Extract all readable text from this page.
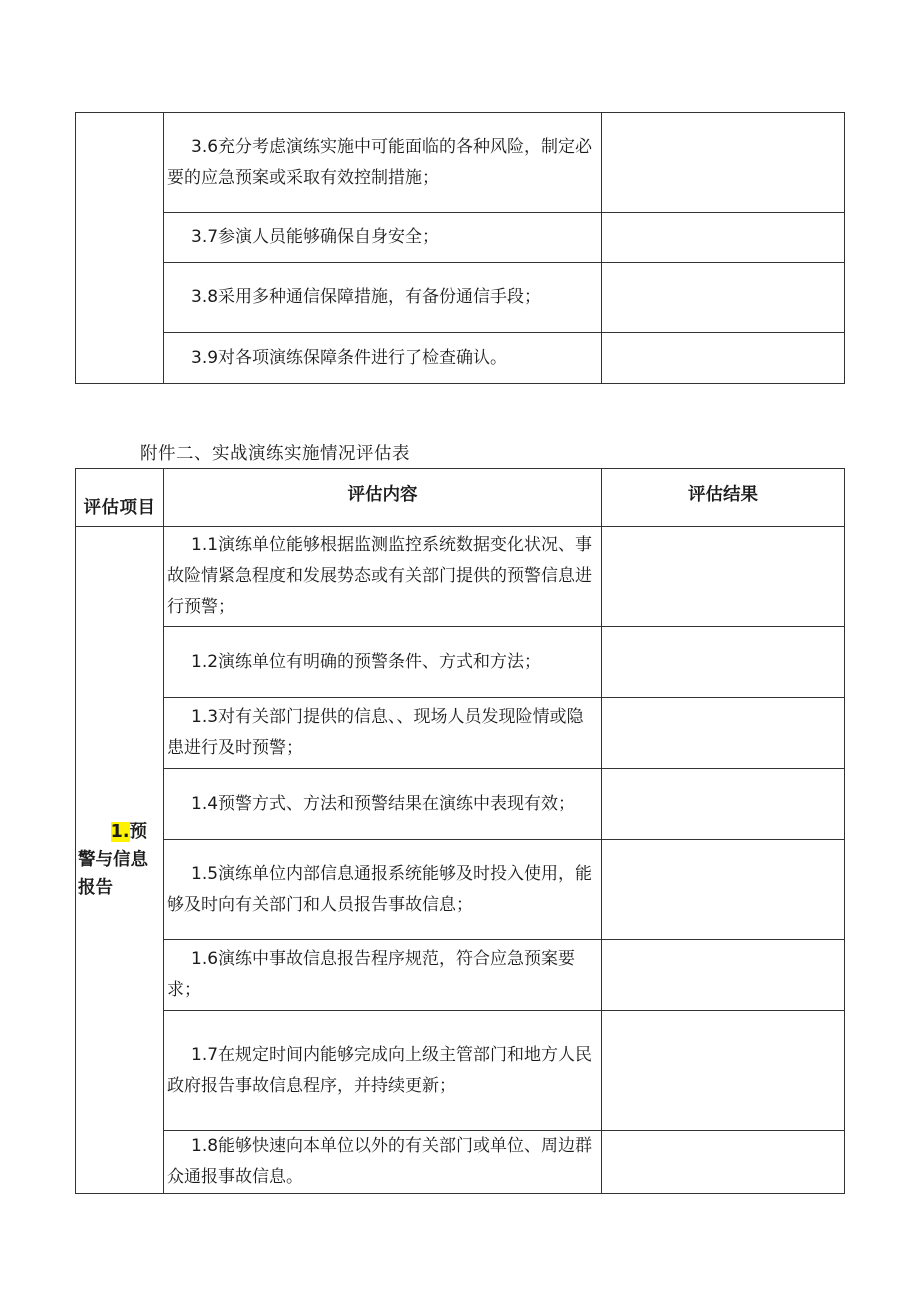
	3.6充分考虑演练实施中可能面临的各种风险，制定必要的应急预案或采取有效控制措施；	
	3.7参演人员能够确保自身安全；	
	3.8采用多种通信保障措施，有备份通信手段；	
	3.9对各项演练保障条件进行了检查确认。	
附件二、实战演练实施情况评估表
评估项目	评估内容	评估结果

1.预
警与信息
报告	1.1演练单位能够根据监测监控系统数据变化状况、事故险情紧急程度和发展势态或有关部门提供的预警信息进行预警；	
	1.2演练单位有明确的预警条件、方式和方法；	
	1.3对有关部门提供的信息、、现场人员发现险情或隐患进行及时预警；	
	1.4预警方式、方法和预警结果在演练中表现有效；	
	1.5演练单位内部信息通报系统能够及时投入使用，能够及时向有关部门和人员报告事故信息；	
	1.6演练中事故信息报告程序规范，符合应急预案要求；	
	1.7在规定时间内能够完成向上级主管部门和地方人民政府报告事故信息程序，并持续更新；	
	1.8能够快速向本单位以外的有关部门或单位、周边群众通报事故信息。	
